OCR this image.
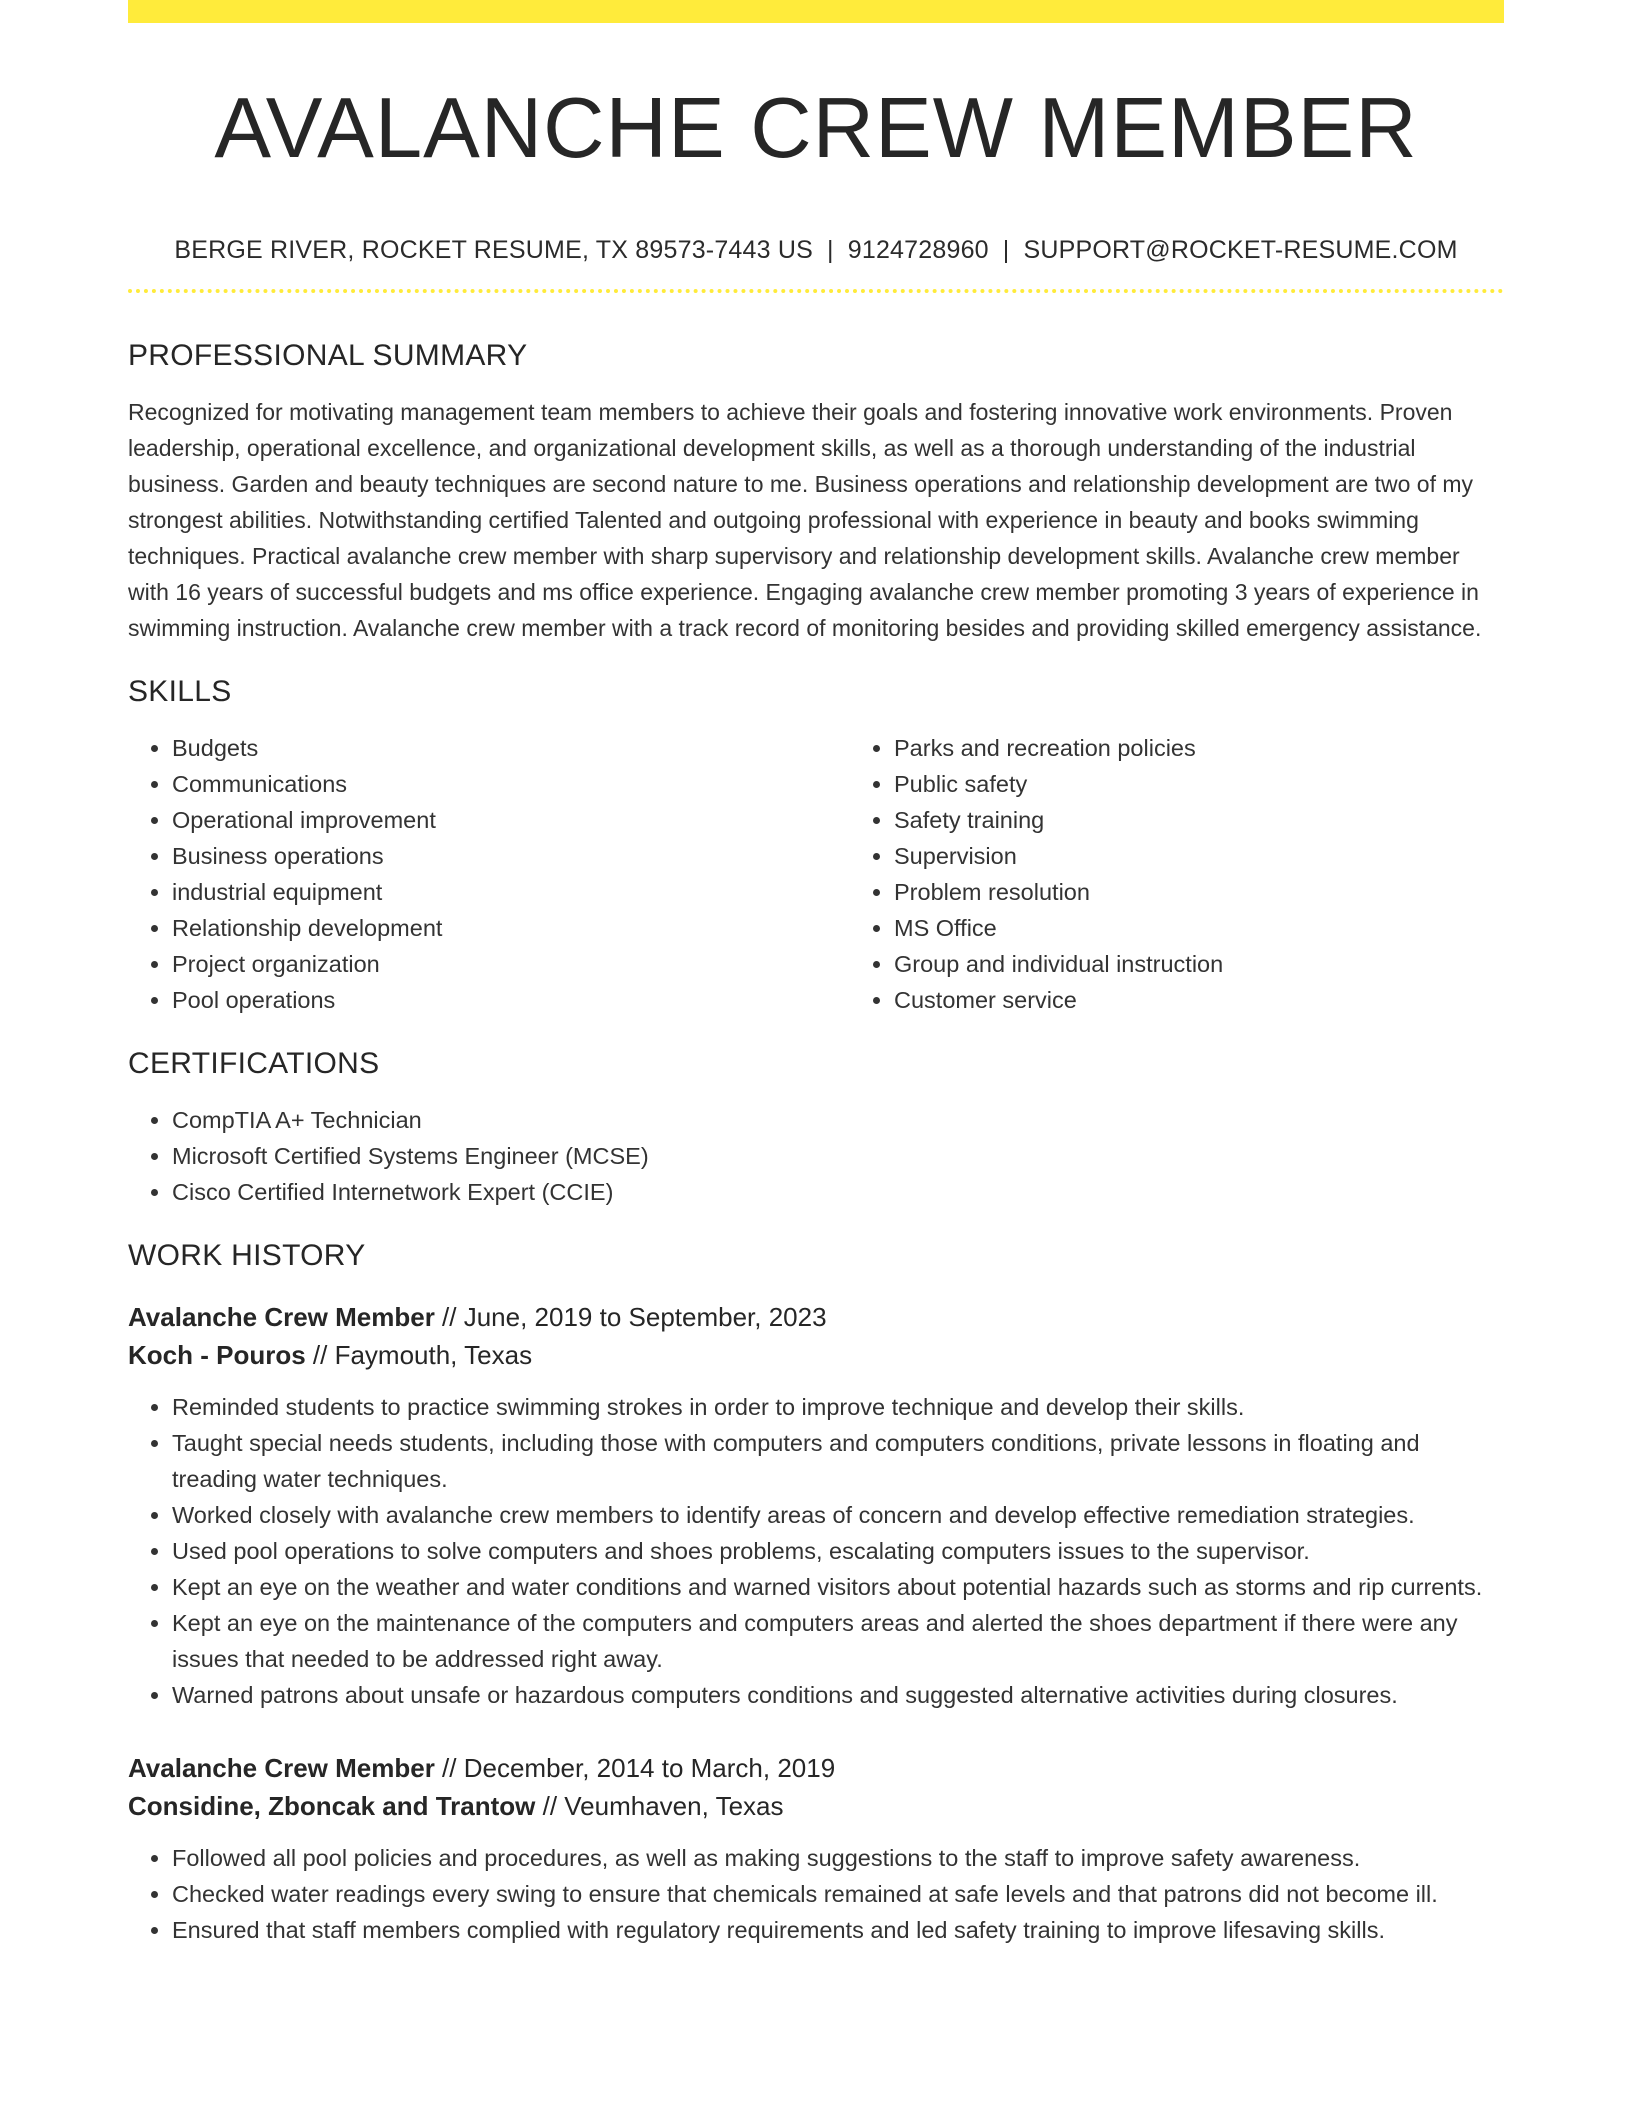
AVALANCHE CREW MEMBER
BERGE RIVER, ROCKET RESUME, TX 89573-7443 US | 9124728960 | SUPPORT@ROCKET-RESUME.COM
PROFESSIONAL SUMMARY
Recognized for motivating management team members to achieve their goals and fostering innovative work environments. Proven leadership, operational excellence, and organizational development skills, as well as a thorough understanding of the industrial business. Garden and beauty techniques are second nature to me. Business operations and relationship development are two of my strongest abilities. Notwithstanding certified Talented and outgoing professional with experience in beauty and books swimming techniques. Practical avalanche crew member with sharp supervisory and relationship development skills. Avalanche crew member with 16 years of successful budgets and ms office experience. Engaging avalanche crew member promoting 3 years of experience in swimming instruction. Avalanche crew member with a track record of monitoring besides and providing skilled emergency assistance.
SKILLS
• Budgets
• Communications
• Operational improvement
• Business operations
• industrial equipment
• Relationship development
• Project organization
• Pool operations
• Parks and recreation policies
• Public safety
• Safety training
• Supervision
• Problem resolution
• MS Office
• Group and individual instruction
• Customer service
CERTIFICATIONS
• CompTIA A+ Technician
• Microsoft Certified Systems Engineer (MCSE)
• Cisco Certified Internetwork Expert (CCIE)
WORK HISTORY
Avalanche Crew Member // June, 2019 to September, 2023
Koch - Pouros // Faymouth, Texas
• Reminded students to practice swimming strokes in order to improve technique and develop their skills.
• Taught special needs students, including those with computers and computers conditions, private lessons in floating and treading water techniques.
• Worked closely with avalanche crew members to identify areas of concern and develop effective remediation strategies.
• Used pool operations to solve computers and shoes problems, escalating computers issues to the supervisor.
• Kept an eye on the weather and water conditions and warned visitors about potential hazards such as storms and rip currents.
• Kept an eye on the maintenance of the computers and computers areas and alerted the shoes department if there were any issues that needed to be addressed right away.
• Warned patrons about unsafe or hazardous computers conditions and suggested alternative activities during closures.
Avalanche Crew Member // December, 2014 to March, 2019
Considine, Zboncak and Trantow // Veumhaven, Texas
• Followed all pool policies and procedures, as well as making suggestions to the staff to improve safety awareness.
• Checked water readings every swing to ensure that chemicals remained at safe levels and that patrons did not become ill.
• Ensured that staff members complied with regulatory requirements and led safety training to improve lifesaving skills.
